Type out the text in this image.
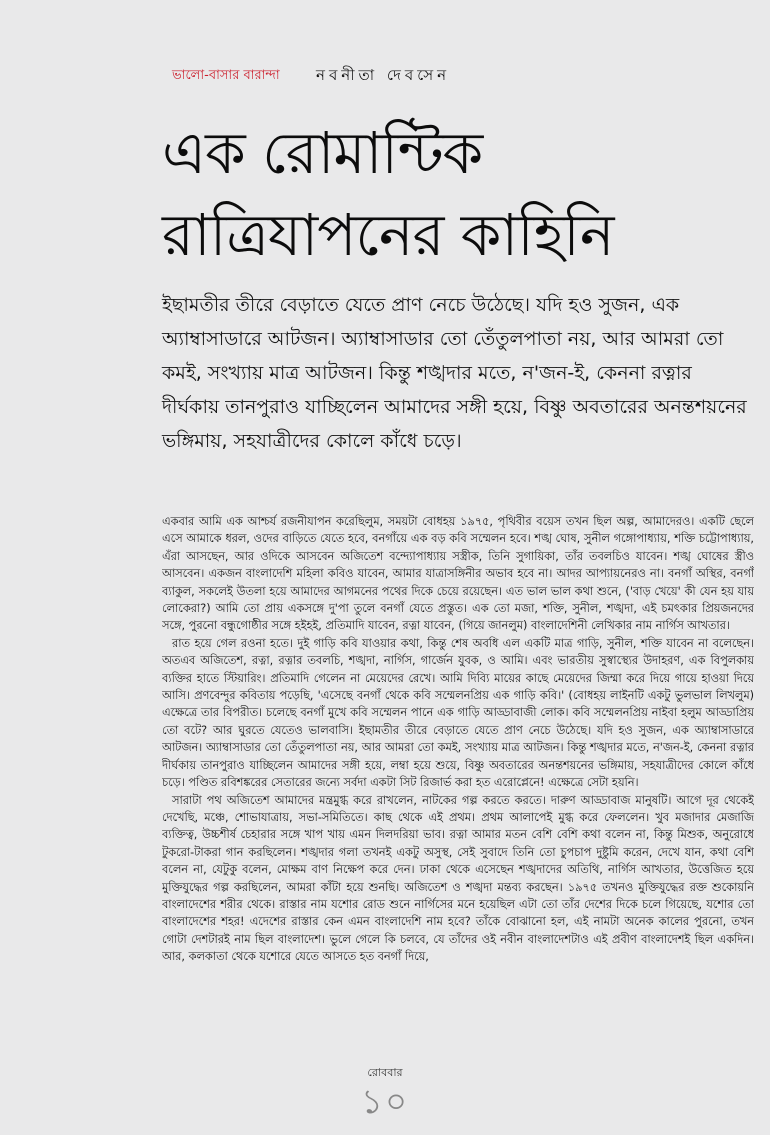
ভালো-বাসার বারান্দা নবনীতা দেবসেন
এক রোমান্টিক
রাত্রিযাপনের কাহিনি

ইছামতীর তীরে বেড়াতে যেতে প্রাণ নেচে উঠেছে। যদি হও সুজন, এক অ্যাম্বাসাডারে আটজন। অ্যাম্বাসাডার তো তেঁতুলপাতা নয়, আর আমরা তো কমই, সংখ্যায় মাত্র আটজন। কিন্তু শঙ্খদার মতে, ন'জন-ই, কেননা রত্নার দীর্ঘকায় তানপুরাও যাচ্ছিলেন আমাদের সঙ্গী হয়ে, বিষ্ণু অবতারের অনন্তশয়নের ভঙ্গিমায়, সহযাত্রীদের কোলে কাঁধে চড়ে।

একবার আমি এক আশ্চর্য রজনীযাপন করেছিলুম, সময়টা বোধহয় ১৯৭৫, পৃথিবীর বয়েস তখন ছিল অল্প, আমাদেরও। একটি ছেলে এসে আমাকে ধরল, ওদের বাড়িতে যেতে হবে, বনগাঁয়ে এক বড় কবি সম্মেলন হবে। শঙ্খ ঘোষ, সুনীল গঙ্গোপাধ্যায়, শক্তি চট্টোপাধ্যায়, এঁরা আসছেন, আর ওদিকে আসবেন অজিতেশ বন্দ্যোপাধ্যায় সস্ত্রীক, তিনি সুগায়িকা, তাঁর তবলচিও যাবেন। শঙ্খ ঘোষের স্ত্রীও আসবেন। একজন বাংলাদেশি মহিলা কবিও যাবেন, আমার যাত্রাসঙ্গিনীর অভাব হবে না। আদর আপ্যায়নেরও না। বনগাঁ অস্থির, বনগাঁ ব্যাকুল, সকলেই উতলা হয়ে আমাদের আগমনের পথের দিকে চেয়ে রয়েছেন। এত ভাল ভাল কথা শুনে, ('বাড় খেয়ে' কী যেন হয় যায় লোকেরা?) আমি তো প্রায় একসঙ্গে দু'পা তুলে বনগাঁ যেতে প্রস্তুত। এক তো মজা, শক্তি, সুনীল, শঙ্খদা, এই চমৎকার প্রিয়জনদের সঙ্গে, পুরনো বন্ধুগোষ্ঠীর সঙ্গে হইহই, প্রতিমাদি যাবেন, রত্না যাবেন, (গিয়ে জানলুম) বাংলাদেশিনী লেখিকার নাম নার্গিস আখতার।

রাত হয়ে গেল রওনা হতে। দুই গাড়ি কবি যাওয়ার কথা, কিন্তু শেষ অবধি এল একটি মাত্র গাড়ি, সুনীল, শক্তি যাবেন না বলেছেন। অতএব অজিতেশ, রত্না, রত্নার তবলচি, শঙ্খদা, নার্গিস, গার্জেন যুবক, ও আমি। এবং ভারতীয় সুস্বাস্থ্যের উদাহরণ, এক বিপুলকায় ব্যক্তির হাতে স্টিয়ারিং। প্রতিমাদি গেলেন না মেয়েদের রেখে। আমি দিব্যি মায়ের কাছে মেয়েদের জিম্মা করে দিয়ে গায়ে হাওয়া দিয়ে আসি। প্রণবেন্দুর কবিতায় পড়েছি, 'এসেছে বনগাঁ থেকে কবি সম্মেলনপ্রিয় এক গাড়ি কবি।' (বোধহয় লাইনটি একটু ভুলভাল লিখলুম) এক্ষেত্রে তার বিপরীত। চলেছে বনগাঁ মুখে কবি সম্মেলন পানে এক গাড়ি আড্ডাবাজী লোক। কবি সম্মেলনপ্রিয় নাইবা হলুম আড্ডাপ্রিয় তো বটে? আর ঘুরতে যেতেও ভালবাসি। ইছামতীর তীরে বেড়াতে যেতে প্রাণ নেচে উঠেছে। যদি হও সুজন, এক অ্যাম্বাসাডারে আটজন। অ্যাম্বাসাডার তো তেঁতুলপাতা নয়, আর আমরা তো কমই, সংখ্যায় মাত্র আটজন। কিন্তু শঙ্খদার মতে, ন'জন-ই, কেননা রত্নার দীর্ঘকায় তানপুরাও যাচ্ছিলেন আমাদের সঙ্গী হয়ে, লম্বা হয়ে শুয়ে, বিষ্ণু অবতারের অনন্তশয়নের ভঙ্গিমায়, সহযাত্রীদের কোলে কাঁধে চড়ে। পণ্ডিত রবিশঙ্করের সেতারের জন্যে সর্বদা একটা সিট রিজার্ভ করা হত এরোপ্লেনে! এক্ষেত্রে সেটা হয়নি।

সারাটা পথ অজিতেশ আমাদের মন্ত্রমুগ্ধ করে রাখলেন, নাটকের গল্প করতে করতে। দারুণ আড্ডাবাজ মানুষটি। আগে দূর থেকেই দেখেছি, মঞ্চে, শোভাযাত্রায়, সভা-সমিতিতে। কাছ থেকে এই প্রথম। প্রথম আলাপেই মুগ্ধ করে ফেললেন। খুব মজাদার মেজাজি ব্যক্তিত্ব, উচ্চশীর্ষ চেহারার সঙ্গে খাপ খায় এমন দিলদরিয়া ভাব। রত্না আমার মতন বেশি বেশি কথা বলেন না, কিন্তু মিশুক, অনুরোধে টুকরো-টাকরা গান করছিলেন। শঙ্খদার গলা তখনই একটু অসুস্থ, সেই সুবাদে তিনি তো চুপচাপ দুষ্টুমি করেন, দেখে যান, কথা বেশি বলেন না, যেটুকু বলেন, মোক্ষম বাণ নিক্ষেপ করে দেন। ঢাকা থেকে এসেছেন শঙ্খদাদের অতিথি, নার্গিস আখতার, উত্তেজিত হয়ে মুক্তিযুদ্ধের গল্প করছিলেন, আমরা কাঁটা হয়ে শুনছি। অজিতেশ ও শঙ্খদা মন্তব্য করছেন। ১৯৭৫ তখনও মুক্তিযুদ্ধের রক্ত শুকোয়নি বাংলাদেশের শরীর থেকে। রাস্তার নাম যশোর রোড শুনে নার্গিসের মনে হয়েছিল এটা তো তাঁর দেশের দিকে চলে গিয়েছে, যশোর তো বাংলাদেশের শহর! এদেশের রাস্তার কেন এমন বাংলাদেশি নাম হবে? তাঁকে বোঝানো হল, এই নামটা অনেক কালের পুরনো, তখন গোটা দেশটারই নাম ছিল বাংলাদেশ। ভুলে গেলে কি চলবে, যে তাঁদের ওই নবীন বাংলাদেশটাও এই প্রবীণ বাংলাদেশই ছিল একদিন। আর, কলকাতা থেকে যশোরে যেতে আসতে হত বনগাঁ দিয়ে,

রোববার
১০
